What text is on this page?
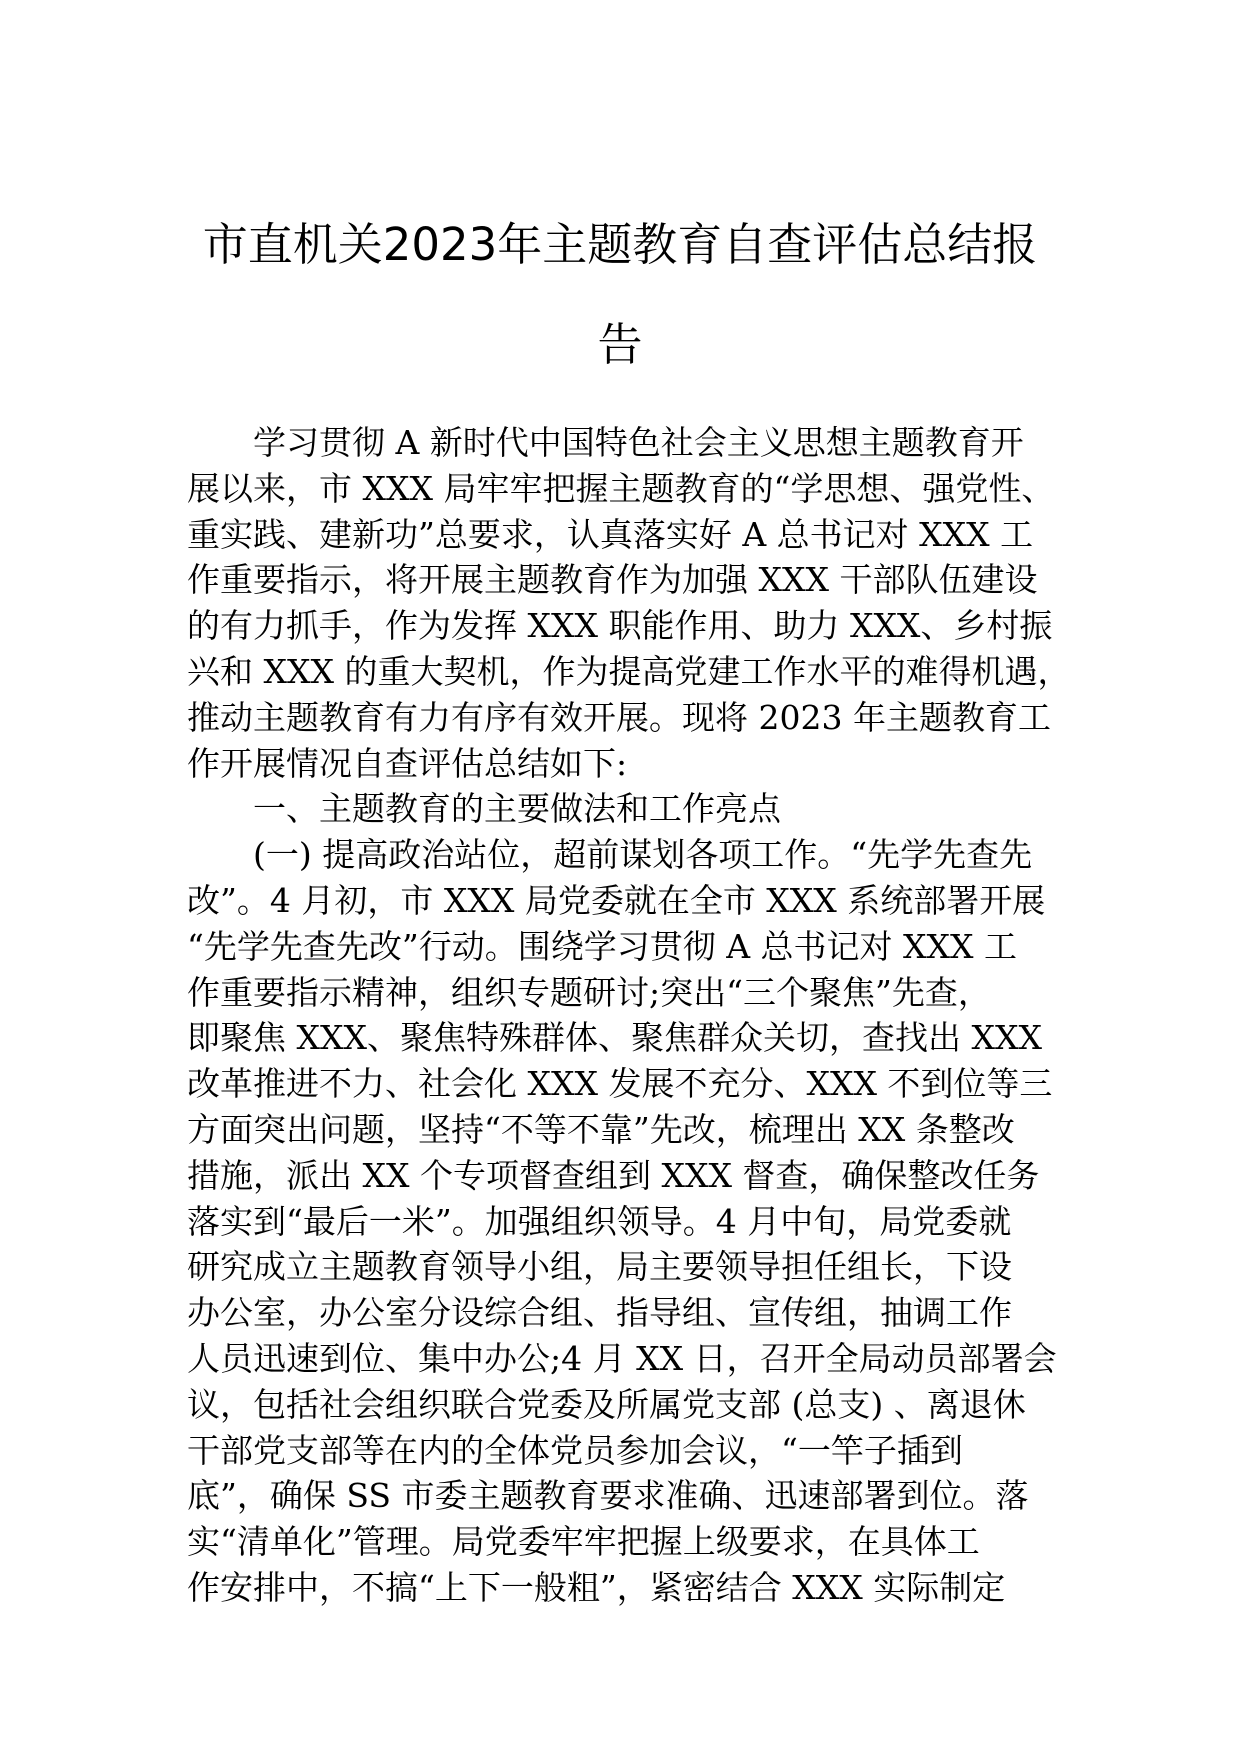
市直机关2023年主题教育自查评估总结报
告

学习贯彻 A 新时代中国特色社会主义思想主题教育开
展以来，市 XXX 局牢牢把握主题教育的“学思想、强党性、
重实践、建新功”总要求，认真落实好 A 总书记对 XXX 工
作重要指示，将开展主题教育作为加强 XXX 干部队伍建设
的有力抓手，作为发挥 XXX 职能作用、助力 XXX、乡村振
兴和 XXX 的重大契机，作为提高党建工作水平的难得机遇，
推动主题教育有力有序有效开展。现将 2023 年主题教育工
作开展情况自查评估总结如下:

一、主题教育的主要做法和工作亮点

(一) 提高政治站位，超前谋划各项工作。“先学先查先
改”。4 月初，市 XXX 局党委就在全市 XXX 系统部署开展
“先学先查先改”行动。围绕学习贯彻 A 总书记对 XXX 工
作重要指示精神，组织专题研讨;突出“三个聚焦”先查，
即聚焦 XXX、聚焦特殊群体、聚焦群众关切，查找出 XXX
改革推进不力、社会化 XXX 发展不充分、XXX 不到位等三
方面突出问题，坚持“不等不靠”先改，梳理出 XX 条整改
措施，派出 XX 个专项督查组到 XXX 督查，确保整改任务
落实到“最后一米”。加强组织领导。4 月中旬，局党委就
研究成立主题教育领导小组，局主要领导担任组长，下设
办公室，办公室分设综合组、指导组、宣传组，抽调工作
人员迅速到位、集中办公;4 月 XX 日，召开全局动员部署会
议，包括社会组织联合党委及所属党支部 (总支) 、离退休
干部党支部等在内的全体党员参加会议，“一竿子插到
底”，确保 SS 市委主题教育要求准确、迅速部署到位。落
实“清单化”管理。局党委牢牢把握上级要求，在具体工
作安排中，不搞“上下一般粗”，紧密结合 XXX 实际制定
